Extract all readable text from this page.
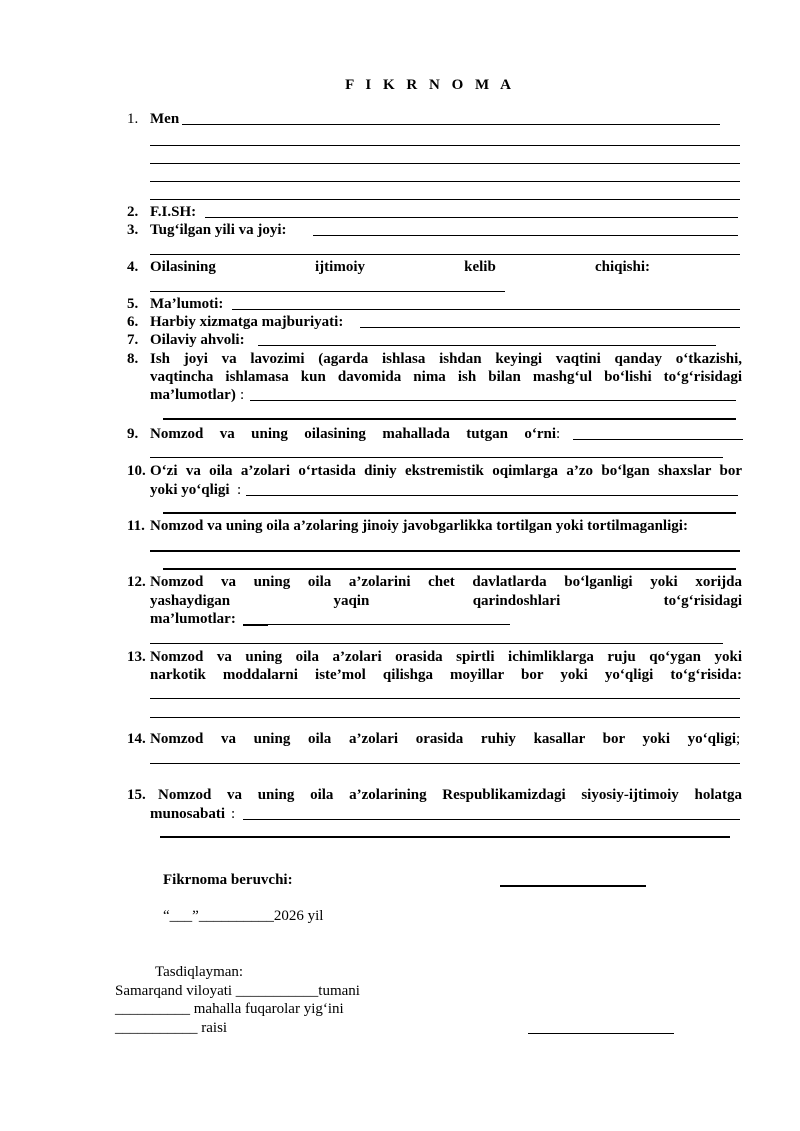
F I K R N O M A
1. Men
2. F.I.SH:
3. Tug‘ilgan yili va joyi:
4. Oilasining	ijtimoiy	kelib	chiqishi:
5. Ma’lumoti:
6. Harbiy xizmatga majburiyati:
7. Oilaviy ahvoli:
8. Ish joyi va lavozimi (agarda ishlasa ishdan keyingi vaqtini qanday o‘tkazishi,
vaqtincha ishlamasa kun davomida nima ish bilan mashg‘ul bo‘lishi to‘g‘risidagi
ma’lumotlar) :
9. Nomzod va uning oilasining mahallada tutgan o‘rni :
10. O‘zi va oila a’zolari o‘rtasida diniy ekstremistik oqimlarga a’zo bo‘lgan shaxslar bor
yoki yo‘qligi :
11. Nomzod va uning oila a’zolaring jinoiy javobgarlikka tortilgan yoki tortilmaganligi:
12. Nomzod va uning oila a’zolarini chet davlatlarda bo‘lganligi yoki xorijda
yashaydigan	yaqin	qarindoshlari	to‘g‘risidagi
ma’lumotlar:
13. Nomzod va uning oila a’zolari orasida spirtli ichimliklarga ruju qo‘ygan yoki
narkotik moddalarni iste’mol qilishga moyillar bor yoki yo‘qligi to‘g‘risida:
14. Nomzod va uning oila a’zolari orasida ruhiy kasallar bor yoki yo‘qligi ;
15. Nomzod va uning oila a’zolarining Respublikamizdagi siyosiy-ijtimoiy holatga
munosabati :
Fikrnoma beruvchi:
“___”__________2026 yil
Tasdiqlayman:
Samarqand viloyati ___________tumani
__________ mahalla fuqarolar yig‘ini
___________ raisi
